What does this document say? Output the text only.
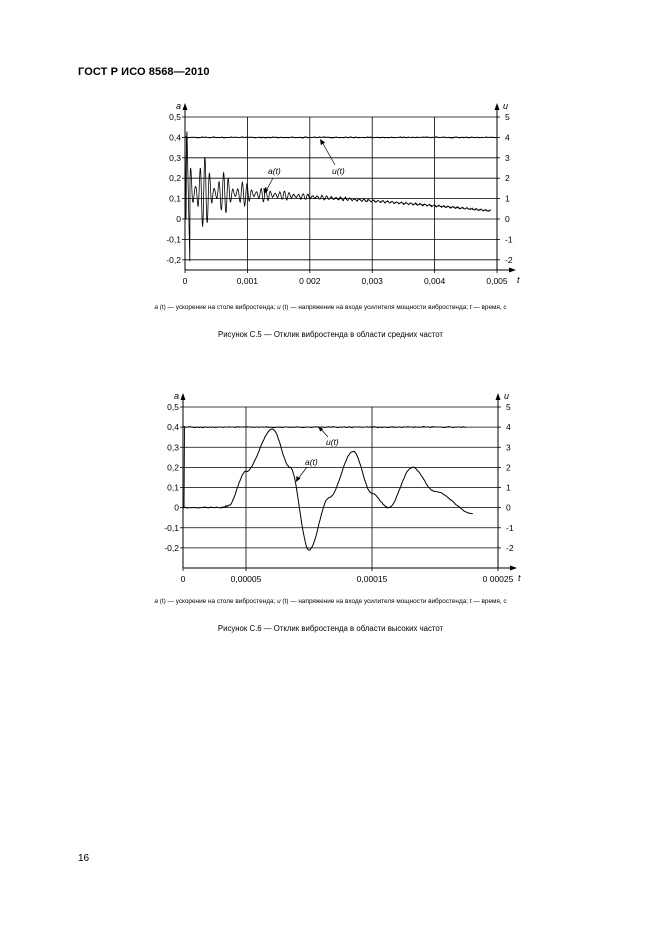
ГОСТ Р ИСО 8568—2010
0,5
0,4
0,3
0,2
0,1
0
-0,1
-0,2
5
4
3
2
1
0
-1
-2
0	0,001	0 002	0,003	0,004	0,005
a	u
t
a(t)	u(t)
a (t) — ускорение на столе вибростенда; u (t) — напряжение на входе усилителя мощности вибростенда; t — время, с
Рисунок С.5 — Отклик вибростенда в области средних частот
0,5
0,4
0,3
0,2
0,1
0
-0,1
-0,2
5
4
3
2
1
0
-1
-2
0	0,00005	0,00015	0 00025
a	u
t
a(t)
u(t)
a (t) — ускорение на столе вибростенда; u (t) — напряжение на входе усилителя мощности вибростенда; t — время, с
Рисунок С.6 — Отклик вибростенда в области высоких частот
16
